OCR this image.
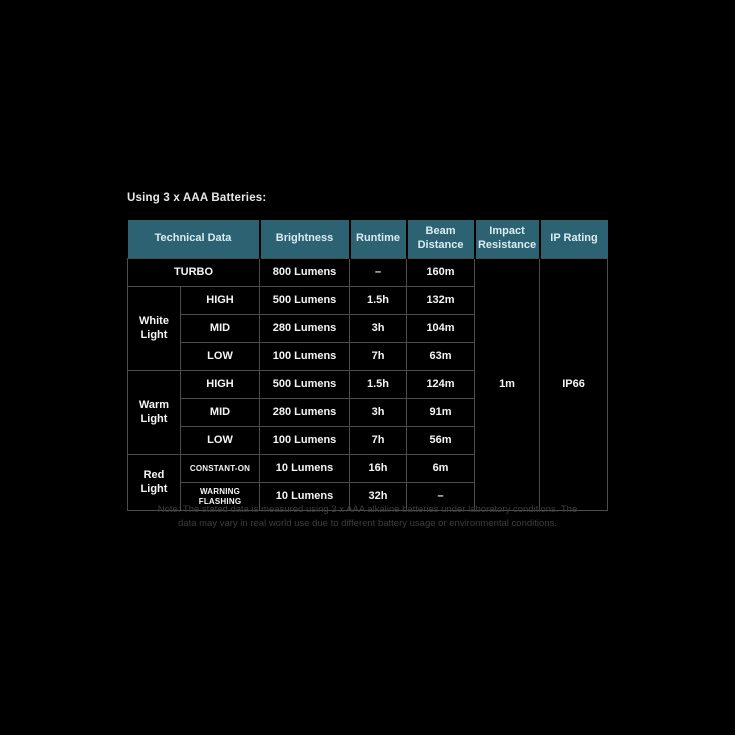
Using 3 x AAA Batteries:
Technical Data		Brightness	Runtime	Beam Distance	Impact Resistance	IP Rating
TURBO		800 Lumens	–	160m	1m	IP66
White Light	HIGH	500 Lumens	1.5h	132m		
	MID	280 Lumens	3h	104m		
	LOW	100 Lumens	7h	63m		
Warm Light	HIGH	500 Lumens	1.5h	124m		
	MID	280 Lumens	3h	91m		
	LOW	100 Lumens	7h	56m		
Red Light	CONSTANT-ON	10 Lumens	16h	6m		
	WARNING FLASHING	10 Lumens	32h	–		
Note: The stated data is measured using 3 x AAA alkaline batteries under laboratory conditions. The
data may vary in real world use due to different battery usage or environmental conditions.
